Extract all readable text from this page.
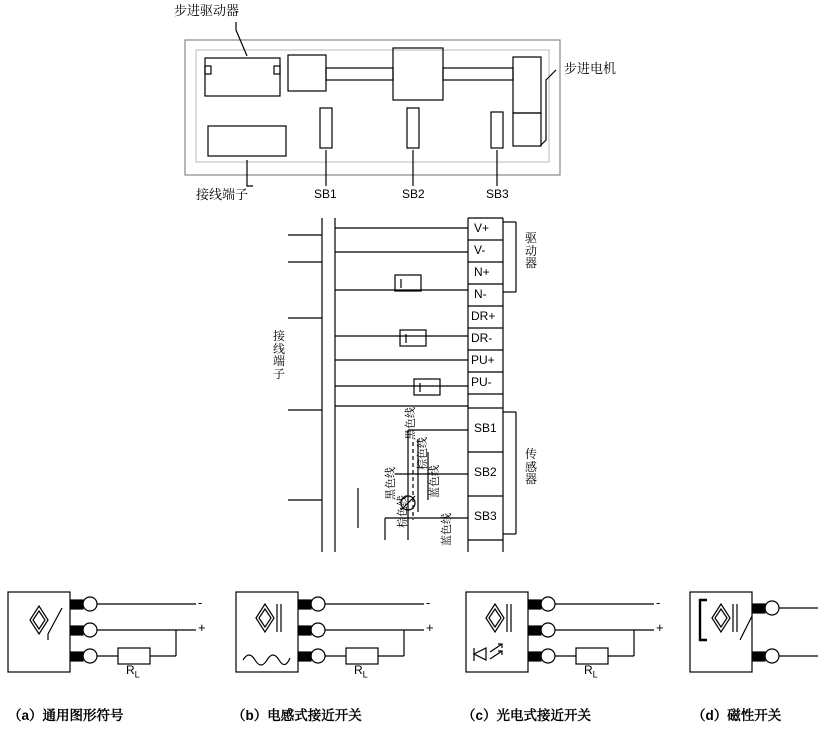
步进驱动器
步进电机
接线端子	SB1	SB2	SB3
接线端子
驱动器
传感器
V+
V-
N+
N-
DR+
DR-
PU+
PU-
SB1
SB2
SB3
黑色线
棕色线
蓝色线
黑色线
棕色线
蓝色线
-
+
-
+
-
+
$R_L$	$R_L$	$R_L$
（a）通用图形符号	（b）电感式接近开关	（c）光电式接近开关	（d）磁性开关
